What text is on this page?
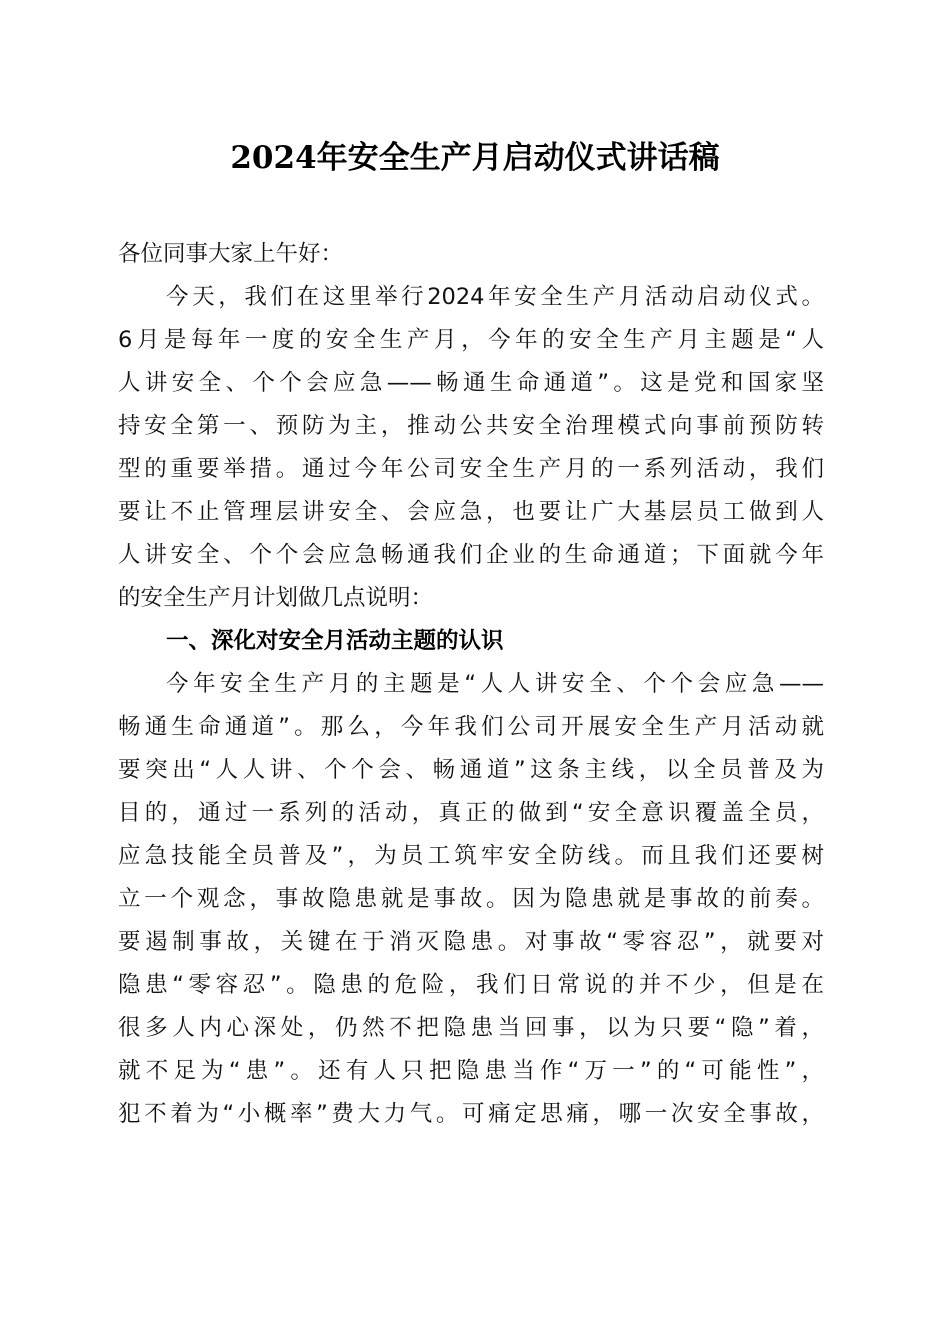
2024年安全生产月启动仪式讲话稿
各位同事大家上午好：
今天，我们在这里举行2024年安全生产月活动启动仪式。
6月是每年一度的安全生产月，今年的安全生产月主题是“人
人讲安全、个个会应急——畅通生命通道”。这是党和国家坚
持安全第一、预防为主，推动公共安全治理模式向事前预防转
型的重要举措。通过今年公司安全生产月的一系列活动，我们
要让不止管理层讲安全、会应急，也要让广大基层员工做到人
人讲安全、个个会应急畅通我们企业的生命通道；下面就今年
的安全生产月计划做几点说明：
一、深化对安全月活动主题的认识
今年安全生产月的主题是“人人讲安全、个个会应急——
畅通生命通道”。那么，今年我们公司开展安全生产月活动就
要突出“人人讲、个个会、畅通道”这条主线，以全员普及为
目的，通过一系列的活动，真正的做到“安全意识覆盖全员，
应急技能全员普及”，为员工筑牢安全防线。而且我们还要树
立一个观念，事故隐患就是事故。因为隐患就是事故的前奏。
要遏制事故，关键在于消灭隐患。对事故“零容忍”，就要对
隐患“零容忍”。隐患的危险，我们日常说的并不少，但是在
很多人内心深处，仍然不把隐患当回事，以为只要“隐”着，
就不足为“患”。还有人只把隐患当作“万一”的“可能性”，
犯不着为“小概率”费大力气。可痛定思痛，哪一次安全事故，
